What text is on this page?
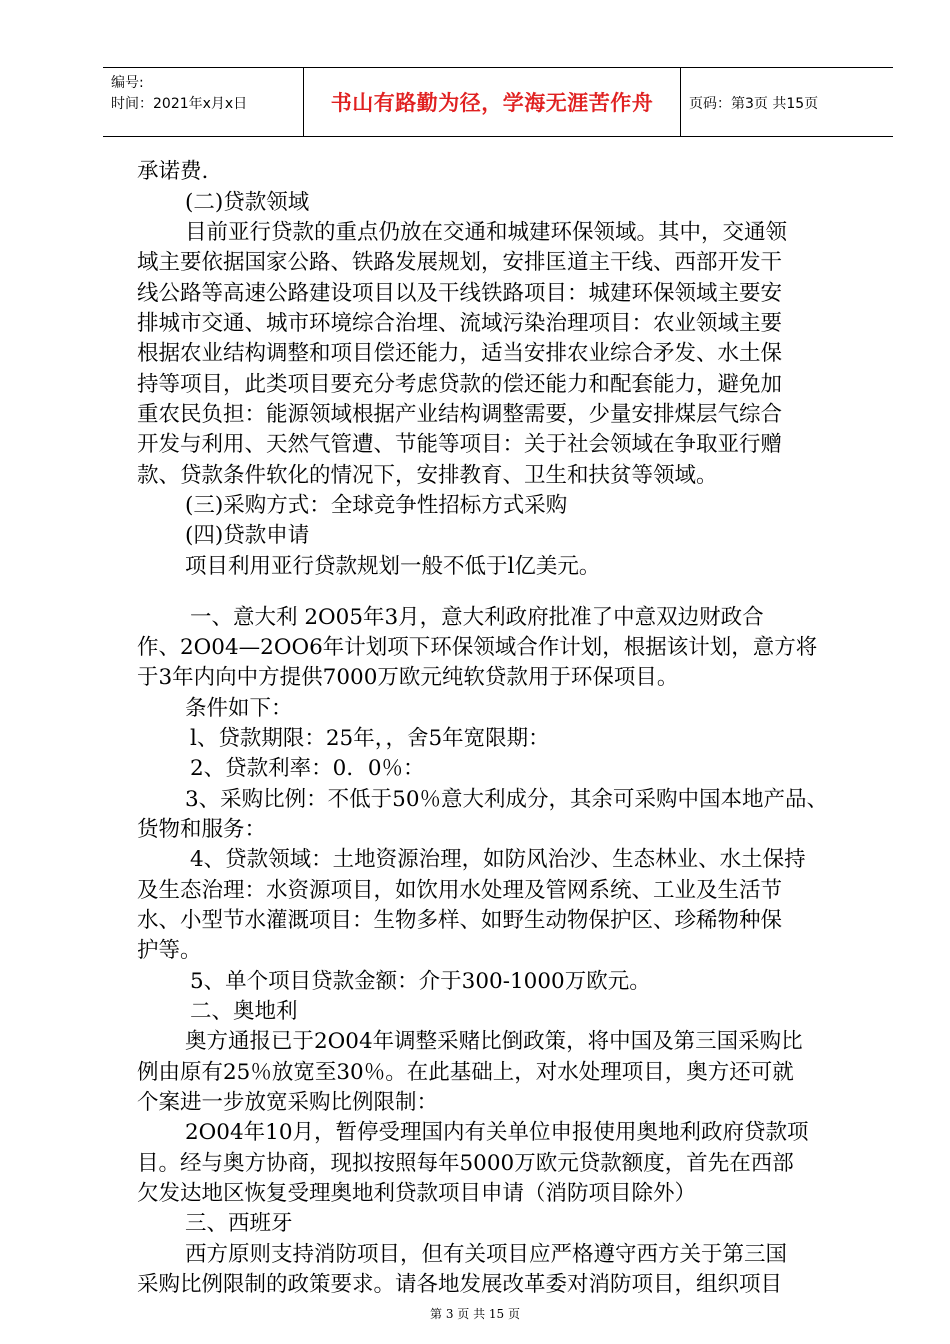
编号:
时间：2021年x月x日	书山有路勤为径，学海无涯苦作舟	页码：第3页 共15页
承诺费.
(二)贷款领域
目前亚行贷款的重点仍放在交通和城建环保领域。其中，交通领
域主要依据国家公路、铁路发展规划，安排匡道主干线、西部开发干
线公路等高速公路建设项目以及干线铁路项目：城建环保领域主要安
排城市交通、城市环境综合治埋、流域污染治理项目：农业领域主要
根据农业结构调整和项目偿还能力，适当安排农业综合矛发、水土保
持等项目，此类项目要充分考虑贷款的偿还能力和配套能力，避免加
重农民负担：能源领域根据产业结构调整需要，少量安排煤层气综合
开发与利用、天然气管遭、节能等项目：关于社会领域在争取亚行赠
款、贷款条件软化的情况下，安排教育、卫生和扶贫等领域。
(三)采购方式：全球竞争性招标方式采购
(四)贷款申请
项目利用亚行贷款规划一般不低于l亿美元。
一、意大利 2O05年3月，意大利政府批准了中意双边财政合
作、2O04—2OO6年计划项下环保领域合作计划，根据该计划，意方将
于3年内向中方提供7000万欧元纯软贷款用于环保项目。
条件如下：
l、贷款期限：25年，，舍5年宽限期：
2、贷款利率：0．0％：
3、采购比例：不低于50％意大利成分，其余可采购中国本地产品、
货物和服务：
4、贷款领域：土地资源治理，如防风治沙、生态林业、水土保持
及生态治理：水资源项目，如饮用水处理及管网系统、工业及生活节
水、小型节水灌溉项目：生物多样、如野生动物保护区、珍稀物种保
护等。
5、单个项目贷款金额：介于300-1000万欧元。
二、奥地利
奥方通报已于2O04年调整采赌比倒政策，将中国及第三国采购比
例由原有25％放宽至30％。在此基础上，对水处理项目，奥方还可就
个案进一步放宽采购比例限制：
2O04年10月，暂停受理国内有关单位申报使用奥地利政府贷款项
目。经与奥方协商，现拟按照每年5000万欧元贷款额度，首先在西部
欠发达地区恢复受理奥地利贷款项目申请（消防项目除外）
三、西班牙
西方原则支持消防项目，但有关项目应严格遵守西方关于第三国
采购比例限制的政策要求。请各地发展改革委对消防项目，组织项目
第 3 页 共 15 页
